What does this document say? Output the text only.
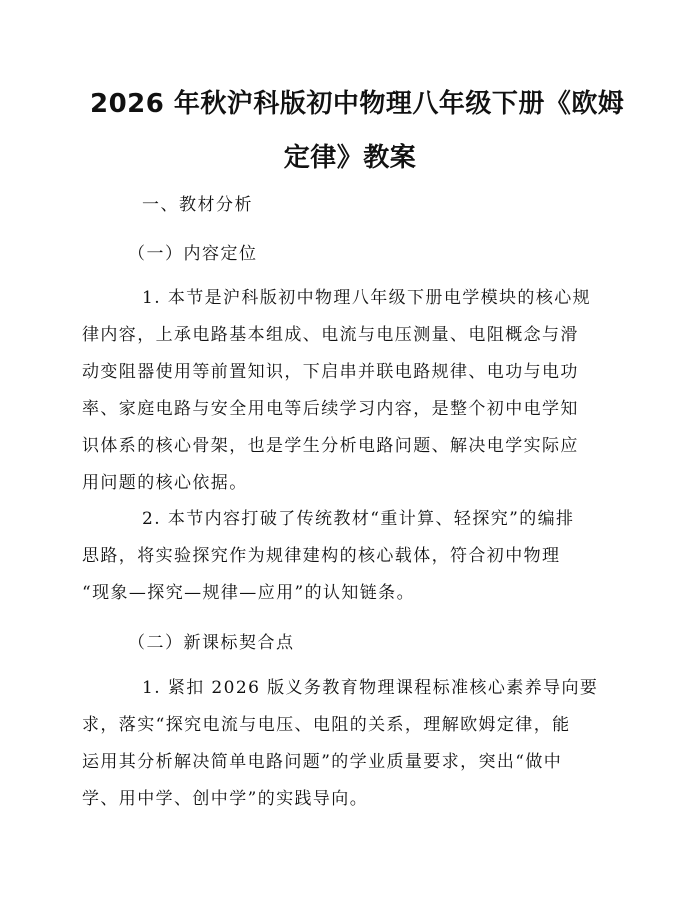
2026 年秋沪科版初中物理八年级下册《欧姆
定律》教案
一、教材分析
（一）内容定位
1. 本节是沪科版初中物理八年级下册电学模块的核心规
律内容，上承电路基本组成、电流与电压测量、电阻概念与滑
动变阻器使用等前置知识，下启串并联电路规律、电功与电功
率、家庭电路与安全用电等后续学习内容，是整个初中电学知
识体系的核心骨架，也是学生分析电路问题、解决电学实际应
用问题的核心依据。
2. 本节内容打破了传统教材“重计算、轻探究”的编排
思路，将实验探究作为规律建构的核心载体，符合初中物理
“现象—探究—规律—应用”的认知链条。
（二）新课标契合点
1. 紧扣 2026 版义务教育物理课程标准核心素养导向要
求，落实“探究电流与电压、电阻的关系，理解欧姆定律，能
运用其分析解决简单电路问题”的学业质量要求，突出“做中
学、用中学、创中学”的实践导向。
